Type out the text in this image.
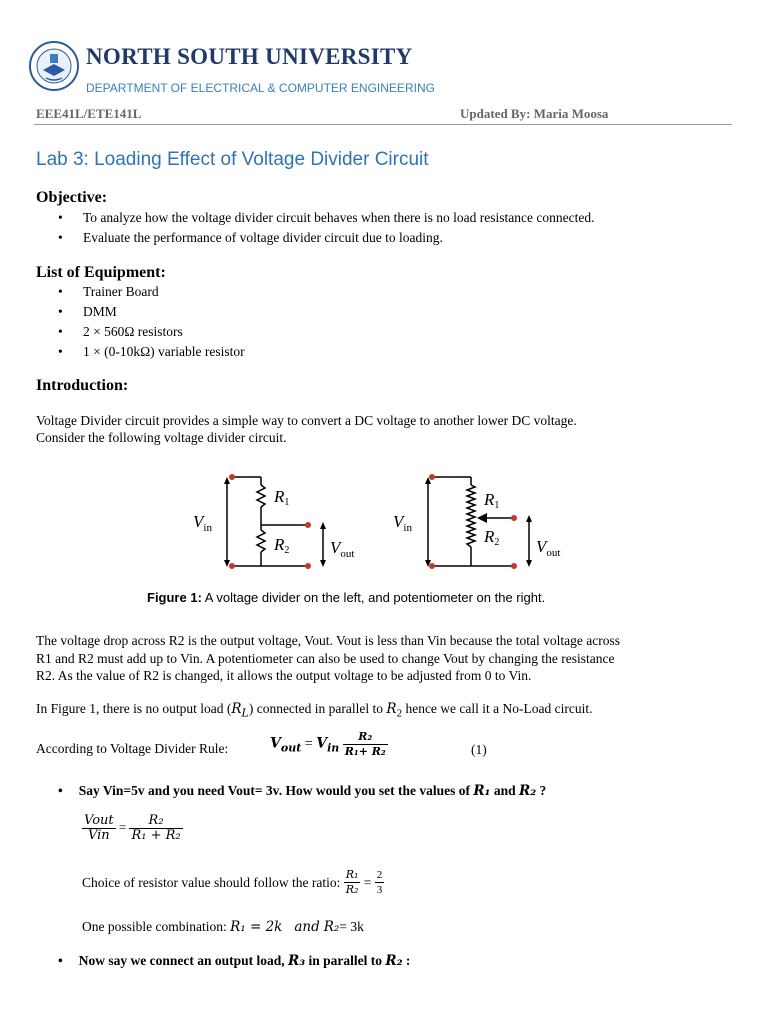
NORTH SOUTH UNIVERSITY
DEPARTMENT OF ELECTRICAL & COMPUTER ENGINEERING
EEE41L/ETE141L	Updated By: Maria Moosa
Lab 3: Loading Effect of Voltage Divider Circuit
Objective:
• To analyze how the voltage divider circuit behaves when there is no load resistance connected.
• Evaluate the performance of voltage divider circuit due to loading.
List of Equipment:
• Trainer Board
• DMM
• 2 × 560Ω resistors
• 1 × (0-10kΩ) variable resistor
Introduction:
Voltage Divider circuit provides a simple way to convert a DC voltage to another lower DC voltage.
Consider the following voltage divider circuit.
$V_{in}$
R1
R2 $V_{out}$
$V_{in}$
R1
R2 $V_{out}$
Figure 1: A voltage divider on the left, and potentiometer on the right.
The voltage drop across R2 is the output voltage, Vout. Vout is less than Vin because the total voltage across
R1 and R2 must add up to Vin. A potentiometer can also be used to change Vout by changing the resistance
R2. As the value of R2 is changed, it allows the output voltage to be adjusted from 0 to Vin.
In Figure 1, there is no output load $(R_L)$ connected in parallel to $R_2$ hence we call it a No-Load circuit.
According to Voltage Divider Rule:	$V_{out} = V_{in} \frac{\text{R₂}}{\text{R₁+ R₂}}$	(1)
• Say Vin=5v and you need Vout= 3v. How would you set the values of R₁ and R₂ ?
$\frac{\text{Vout}}{\text{Vin}} = \frac{\text{R₂}}{\text{R₁ + R₂}}$
Choice of resistor value should follow the ratio: $\frac{\text{R₁}}{\text{R₂}} = \frac{2}{3}$
One possible combination: R₁ = 2k and R₂= 3k
• Now say we connect an output load, R₃ in parallel to R₂ :
